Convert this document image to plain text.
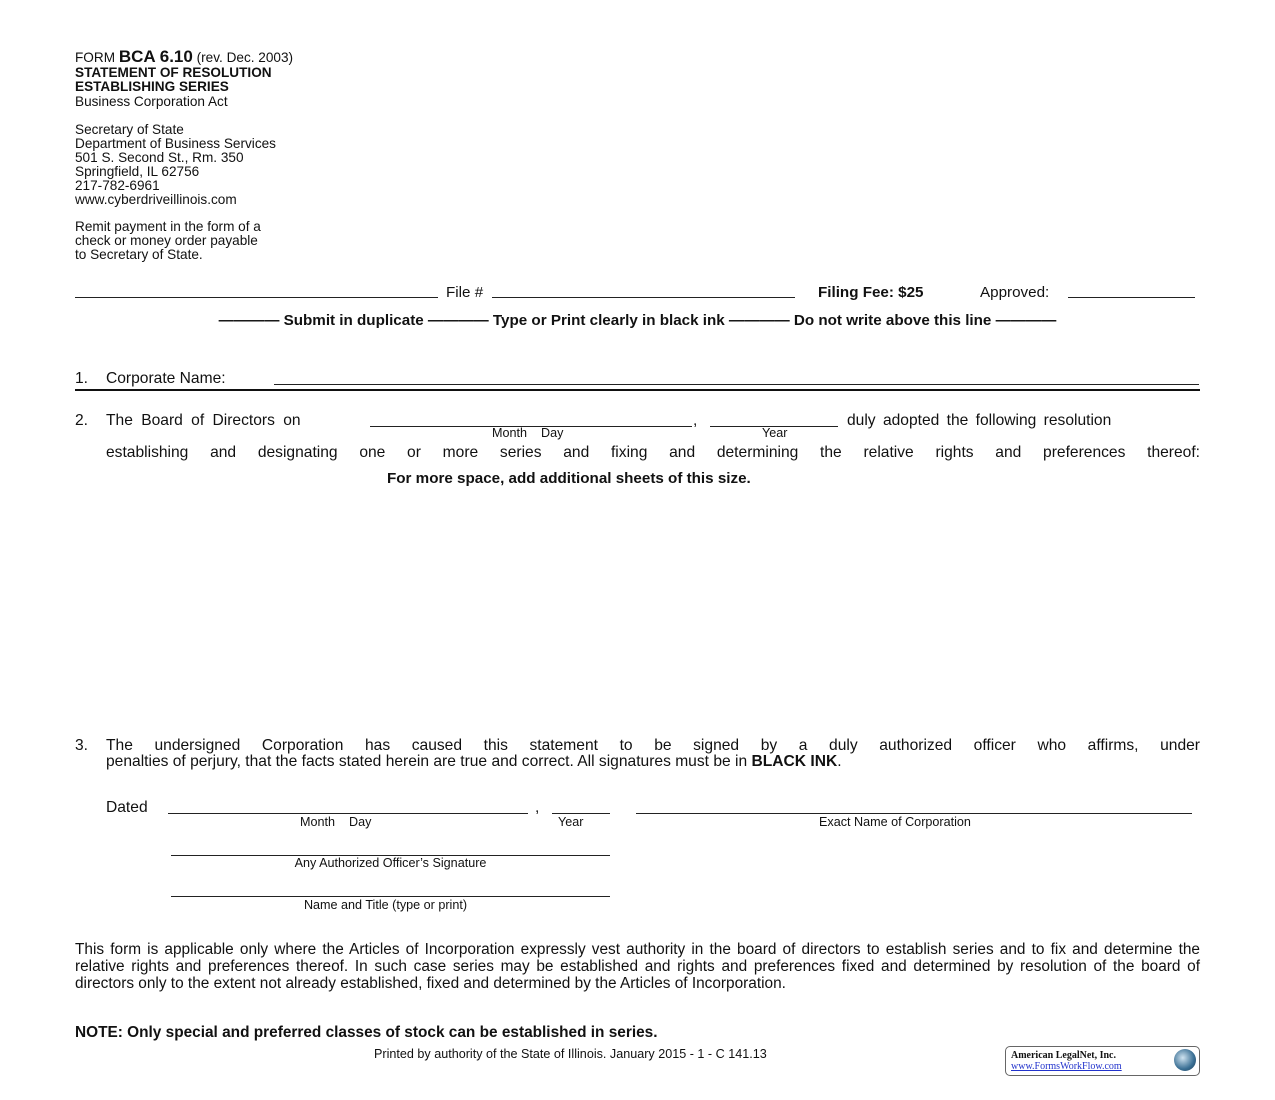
FORM BCA 6.10 (rev. Dec. 2003)
STATEMENT OF RESOLUTION
ESTABLISHING SERIES
Business Corporation Act
Secretary of State
Department of Business Services
501 S. Second St., Rm. 350
Springfield, IL 62756
217-782-6961
www.cyberdriveillinois.com
Remit payment in the form of a
check or money order payable
to Secretary of State.
File #	Filing Fee: $25	Approved:
———— Submit in duplicate ———— Type or Print clearly in black ink ———— Do not write above this line ————
1. Corporate Name:
2. The Board of Directors on	,	duly adopted the following resolution
Month    Day	Year
establishing and designating one or more series and fixing and determining the relative rights and preferences thereof:
For more space, add additional sheets of this size.
3. The undersigned Corporation has caused this statement to be signed by a duly authorized officer who affirms, under
penalties of perjury, that the facts stated herein are true and correct. All signatures must be in BLACK INK.
Dated	,
Month    Day	Year	Exact Name of Corporation
Any Authorized Officer’s Signature
Name and Title (type or print)
This form is applicable only where the Articles of Incorporation expressly vest authority in the board of directors to establish series and to fix and determine the relative rights and preferences thereof. In such case series may be established and rights and preferences fixed and determined by resolution of the board of directors only to the extent not already established, fixed and determined by the Articles of Incorporation.
NOTE: Only special and preferred classes of stock can be established in series.
Printed by authority of the State of Illinois. January 2015 - 1 - C 141.13	American LegalNet, Inc.
www.FormsWorkFlow.com
